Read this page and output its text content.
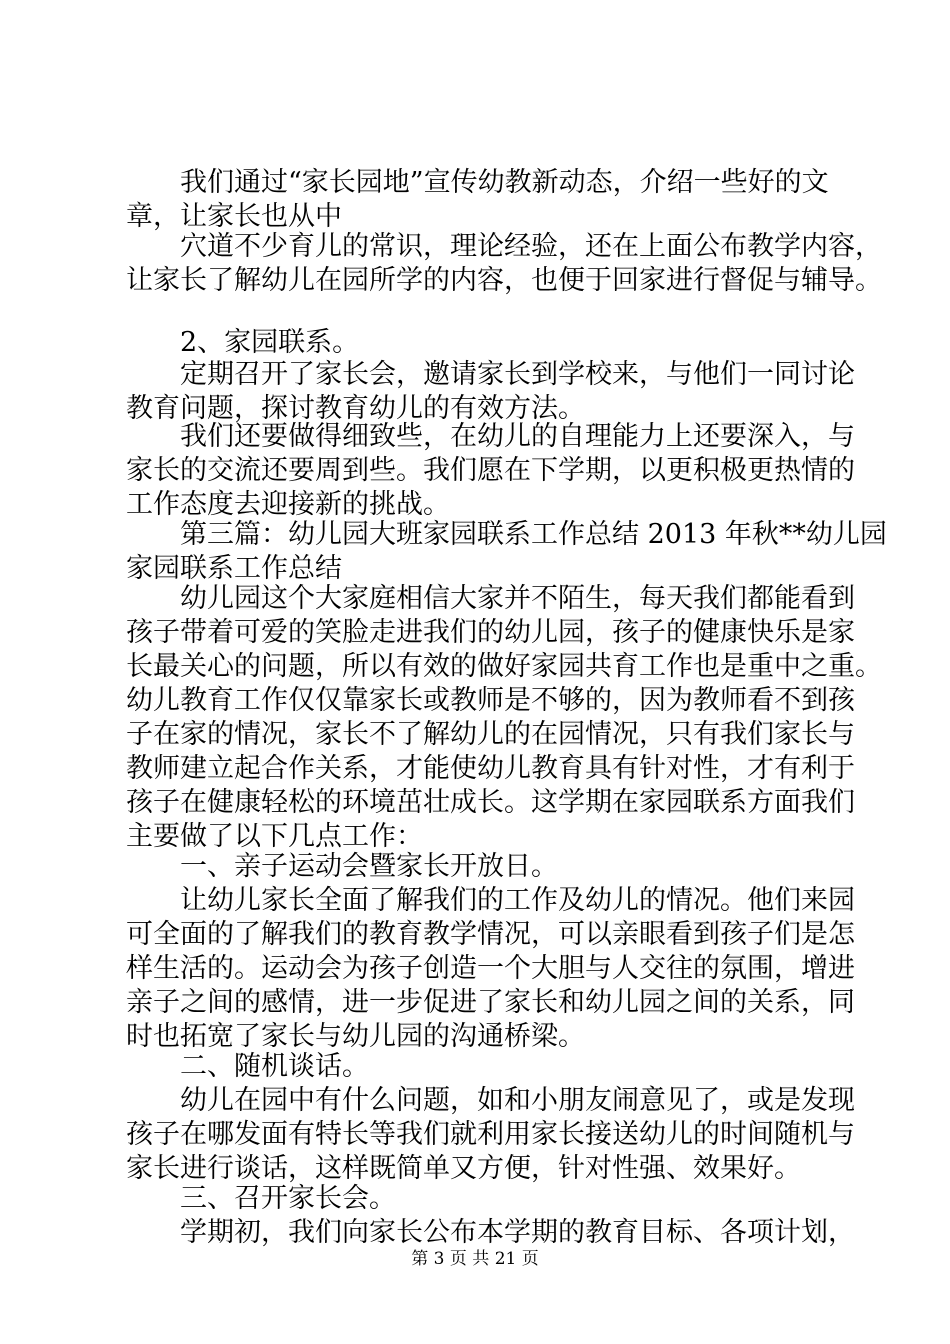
我们通过“家长园地”宣传幼教新动态，介绍一些好的文
章，让家长也从中
穴道不少育儿的常识，理论经验，还在上面公布教学内容，
让家长了解幼儿在园所学的内容，也便于回家进行督促与辅导。
2、家园联系。
定期召开了家长会，邀请家长到学校来，与他们一同讨论
教育问题，探讨教育幼儿的有效方法。
我们还要做得细致些，在幼儿的自理能力上还要深入，与
家长的交流还要周到些。我们愿在下学期，以更积极更热情的
工作态度去迎接新的挑战。
第三篇：幼儿园大班家园联系工作总结 2013 年秋**幼儿园
家园联系工作总结
幼儿园这个大家庭相信大家并不陌生，每天我们都能看到
孩子带着可爱的笑脸走进我们的幼儿园，孩子的健康快乐是家
长最关心的问题，所以有效的做好家园共育工作也是重中之重。
幼儿教育工作仅仅靠家长或教师是不够的，因为教师看不到孩
子在家的情况，家长不了解幼儿的在园情况，只有我们家长与
教师建立起合作关系，才能使幼儿教育具有针对性，才有利于
孩子在健康轻松的环境茁壮成长。这学期在家园联系方面我们
主要做了以下几点工作：
一、亲子运动会暨家长开放日。
让幼儿家长全面了解我们的工作及幼儿的情况。他们来园
可全面的了解我们的教育教学情况，可以亲眼看到孩子们是怎
样生活的。运动会为孩子创造一个大胆与人交往的氛围，增进
亲子之间的感情，进一步促进了家长和幼儿园之间的关系，同
时也拓宽了家长与幼儿园的沟通桥梁。
二、随机谈话。
幼儿在园中有什么问题，如和小朋友闹意见了，或是发现
孩子在哪发面有特长等我们就利用家长接送幼儿的时间随机与
家长进行谈话，这样既简单又方便，针对性强、效果好。
三、召开家长会。
学期初，我们向家长公布本学期的教育目标、各项计划，
第 3 页 共 21 页
